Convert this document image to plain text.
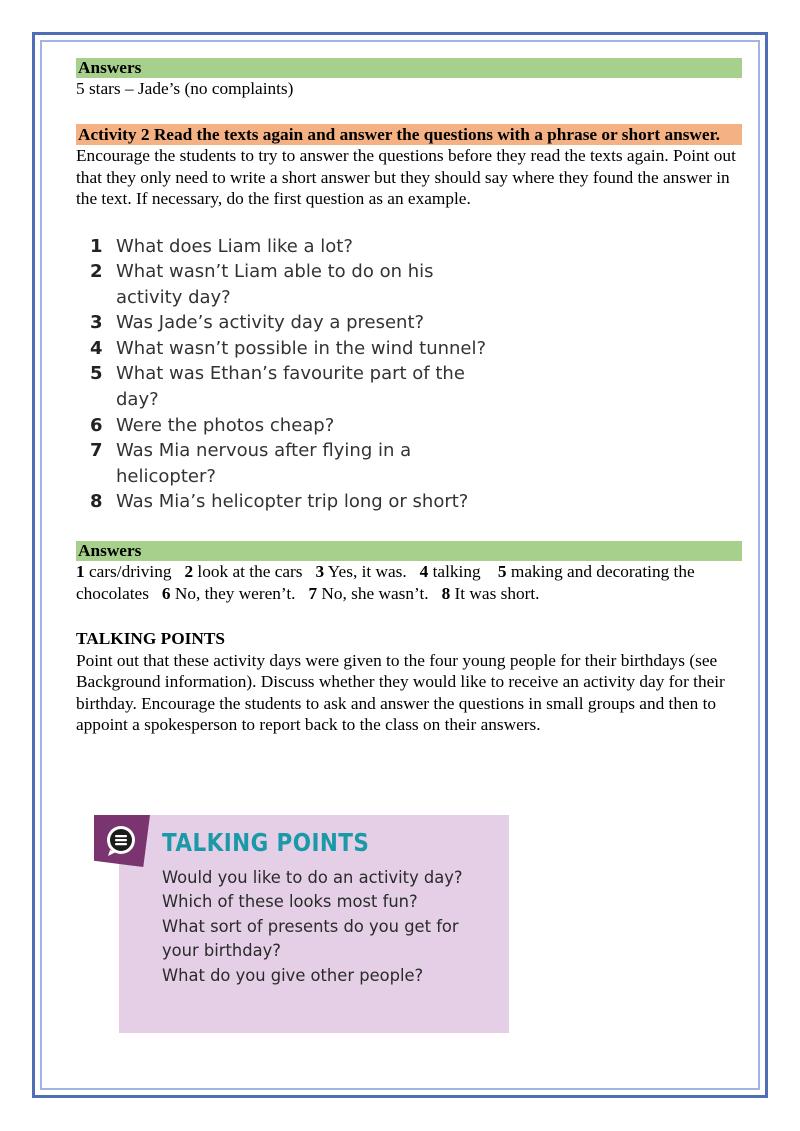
Answers

5 stars – Jade’s (no complaints)

Activity 2 Read the texts again and answer the questions with a phrase or short answer.

Encourage the students to try to answer the questions before they read the texts again. Point out that they only need to write a short answer but they should say where they found the answer in the text. If necessary, do the first question as an example.

1 What does Liam like a lot?
2 What wasn’t Liam able to do on his activity day?
3 Was Jade’s activity day a present?
4 What wasn’t possible in the wind tunnel?
5 What was Ethan’s favourite part of the day?
6 Were the photos cheap?
7 Was Mia nervous after flying in a helicopter?
8 Was Mia’s helicopter trip long or short?
Answers

1 cars/driving   2 look at the cars   3 Yes, it was.   4 talking    5 making and decorating the chocolates   6 No, they weren’t.   7 No, she wasn’t.   8 It was short.

TALKING POINTS

Point out that these activity days were given to the four young people for their birthdays (see Background information). Discuss whether they would like to receive an activity day for their birthday. Encourage the students to ask and answer the questions in small groups and then to appoint a spokesperson to report back to the class on their answers.

TALKING POINTS
Would you like to do an activity day?
Which of these looks most fun?
What sort of presents do you get for your birthday?
What do you give other people?
